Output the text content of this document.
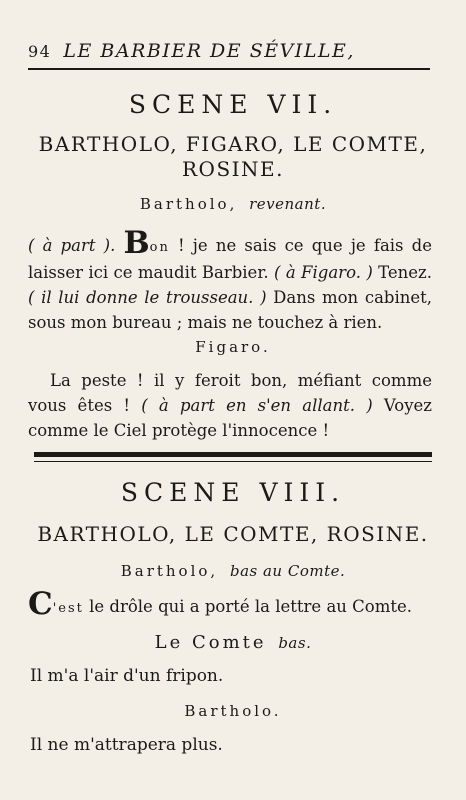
94 LE BARBIER DE SÉVILLE,
SCENE VII.
BARTHOLO, FIGARO, LE COMTE,
ROSINE.
Bartholo, revenant.
( à part ). Bon ! je ne sais ce que je fais de laisser ici ce maudit Barbier. ( à Figaro. ) Tenez. ( il lui donne le trousseau. ) Dans mon cabinet, sous mon bureau ; mais ne touchez à rien.
Figaro.
La peste ! il y feroit bon, méfiant comme vous êtes ! ( à part en s'en allant. ) Voyez comme le Ciel protège l'innocence !
SCENE VIII.
BARTHOLO, LE COMTE, ROSINE.
Bartholo, bas au Comte.
C'est le drôle qui a porté la lettre au Comte.
Le Comte bas.
Il m'a l'air d'un fripon.
Bartholo.
Il ne m'attrapera plus.
